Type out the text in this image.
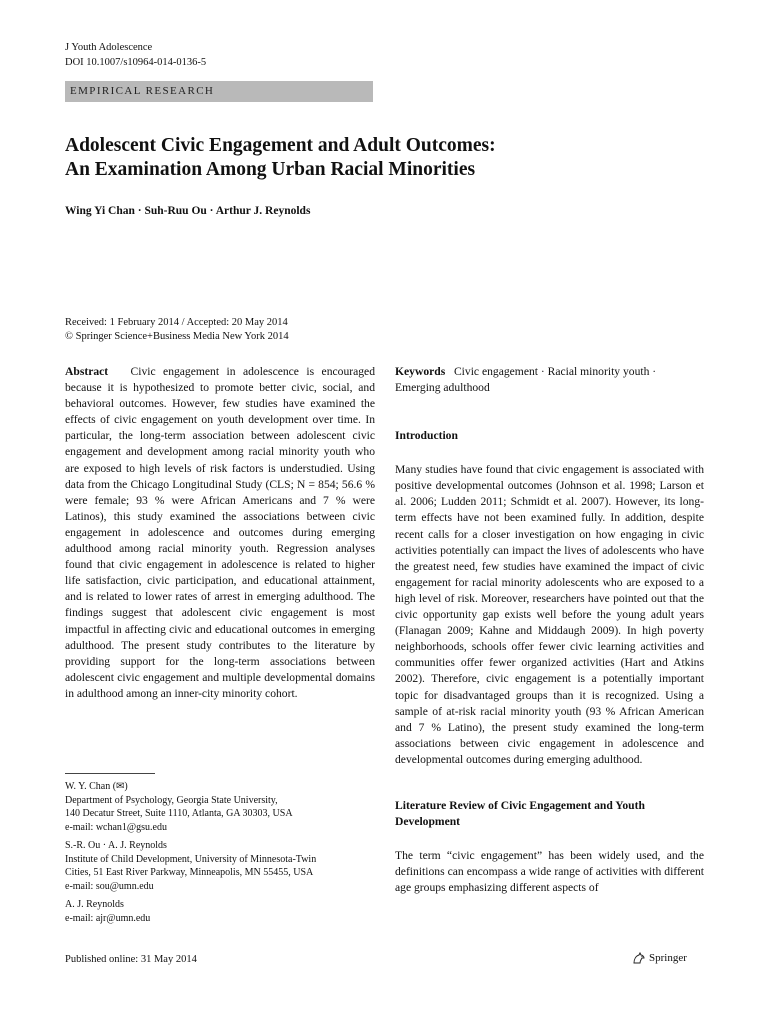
J Youth Adolescence
DOI 10.1007/s10964-014-0136-5
EMPIRICAL RESEARCH
Adolescent Civic Engagement and Adult Outcomes:
An Examination Among Urban Racial Minorities
Wing Yi Chan · Suh-Ruu Ou · Arthur J. Reynolds
Received: 1 February 2014 / Accepted: 20 May 2014
© Springer Science+Business Media New York 2014

Abstract Civic engagement in adolescence is encouraged because it is hypothesized to promote better civic, social, and behavioral outcomes. However, few studies have examined the effects of civic engagement on youth development over time. In particular, the long-term association between adolescent civic engagement and development among racial minority youth who are exposed to high levels of risk factors is understudied. Using data from the Chicago Longitudinal Study (CLS; N = 854; 56.6 % were female; 93 % were African Americans and 7 % were Latinos), this study examined the associations between civic engagement in adolescence and outcomes during emerging adulthood among racial minority youth. Regression analyses found that civic engagement in adolescence is related to higher life satisfaction, civic participation, and educational attainment, and is related to lower rates of arrest in emerging adulthood. The findings suggest that adolescent civic engagement is most impactful in affecting civic and educational outcomes in emerging adulthood. The present study contributes to the literature by providing support for the long-term associations between adolescent civic engagement and multiple developmental domains in adulthood among an inner-city minority cohort.

W. Y. Chan (✉)
Department of Psychology, Georgia State University,
140 Decatur Street, Suite 1110, Atlanta, GA 30303, USA
e-mail: wchan1@gsu.edu
S.-R. Ou · A. J. Reynolds
Institute of Child Development, University of Minnesota-Twin
Cities, 51 East River Parkway, Minneapolis, MN 55455, USA
e-mail: sou@umn.edu
A. J. Reynolds
e-mail: ajr@umn.edu

Keywords Civic engagement · Racial minority youth · Emerging adulthood

Introduction

Many studies have found that civic engagement is associated with positive developmental outcomes (Johnson et al. 1998; Larson et al. 2006; Ludden 2011; Schmidt et al. 2007). However, its long-term effects have not been examined fully. In addition, despite recent calls for a closer investigation on how engaging in civic activities potentially can impact the lives of adolescents who have the greatest need, few studies have examined the impact of civic engagement for racial minority adolescents who are exposed to a high level of risk. Moreover, researchers have pointed out that the civic opportunity gap exists well before the young adult years (Flanagan 2009; Kahne and Middaugh 2009). In high poverty neighborhoods, schools offer fewer civic learning activities and communities offer fewer organized activities (Hart and Atkins 2002). Therefore, civic engagement is a potentially important topic for disadvantaged groups than it is recognized. Using a sample of at-risk racial minority youth (93 % African American and 7 % Latino), the present study examined the long-term associations between civic engagement in adolescence and developmental outcomes during emerging adulthood.

Literature Review of Civic Engagement and Youth Development

The term “civic engagement” has been widely used, and the definitions can encompass a wide range of activities with different age groups emphasizing different aspects of

Published online: 31 May 2014	Springer
